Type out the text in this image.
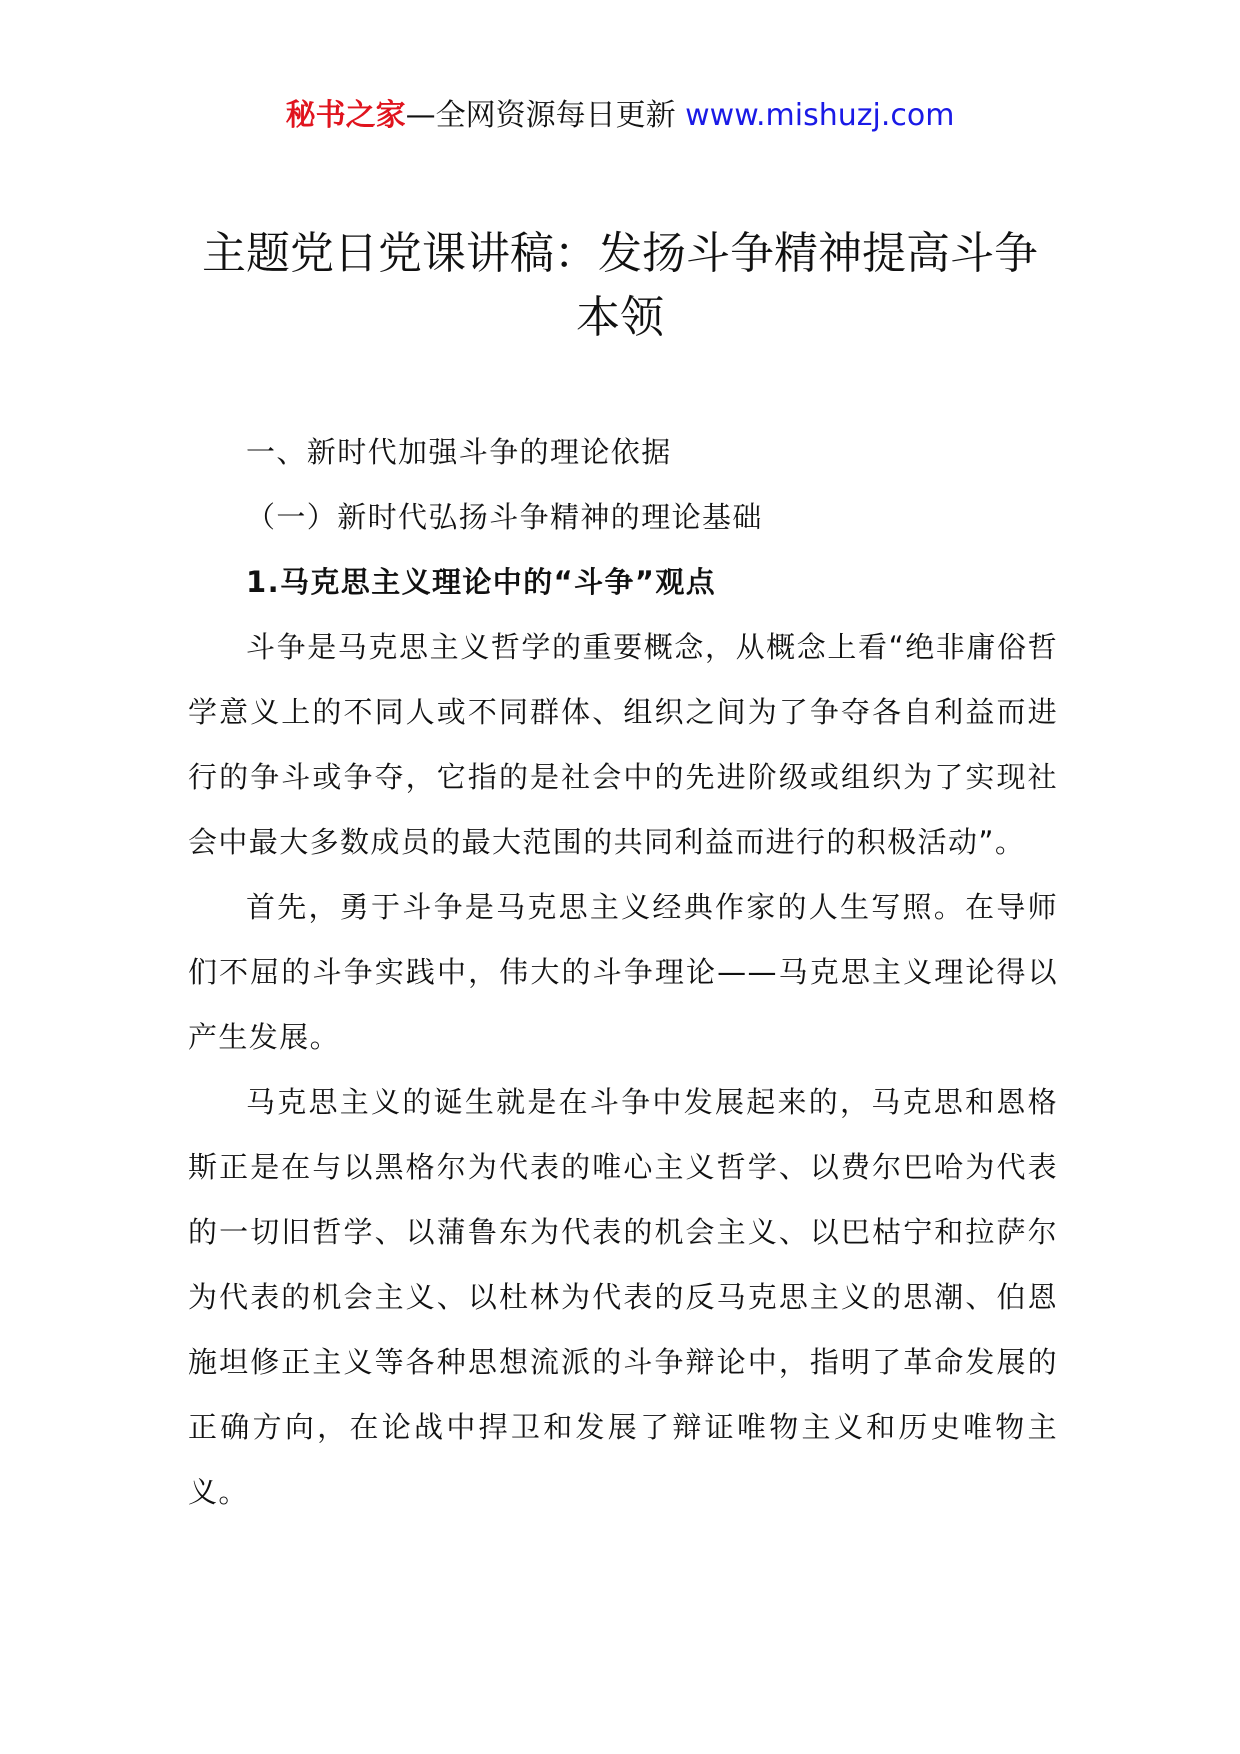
秘书之家—全网资源每日更新 www.mishuzj.com
主题党日党课讲稿：发扬斗争精神提高斗争本领

一、新时代加强斗争的理论依据

（一）新时代弘扬斗争精神的理论基础

1.马克思主义理论中的“斗争”观点

斗争是马克思主义哲学的重要概念，从概念上看“绝非庸俗哲学意义上的不同人或不同群体、组织之间为了争夺各自利益而进行的争斗或争夺，它指的是社会中的先进阶级或组织为了实现社会中最大多数成员的最大范围的共同利益而进行的积极活动”。

首先，勇于斗争是马克思主义经典作家的人生写照。在导师们不屈的斗争实践中，伟大的斗争理论——马克思主义理论得以产生发展。

马克思主义的诞生就是在斗争中发展起来的，马克思和恩格斯正是在与以黑格尔为代表的唯心主义哲学、以费尔巴哈为代表的一切旧哲学、以蒲鲁东为代表的机会主义、以巴枯宁和拉萨尔为代表的机会主义、以杜林为代表的反马克思主义的思潮、伯恩施坦修正主义等各种思想流派的斗争辩论中，指明了革命发展的正确方向，在论战中捍卫和发展了辩证唯物主义和历史唯物主义。
